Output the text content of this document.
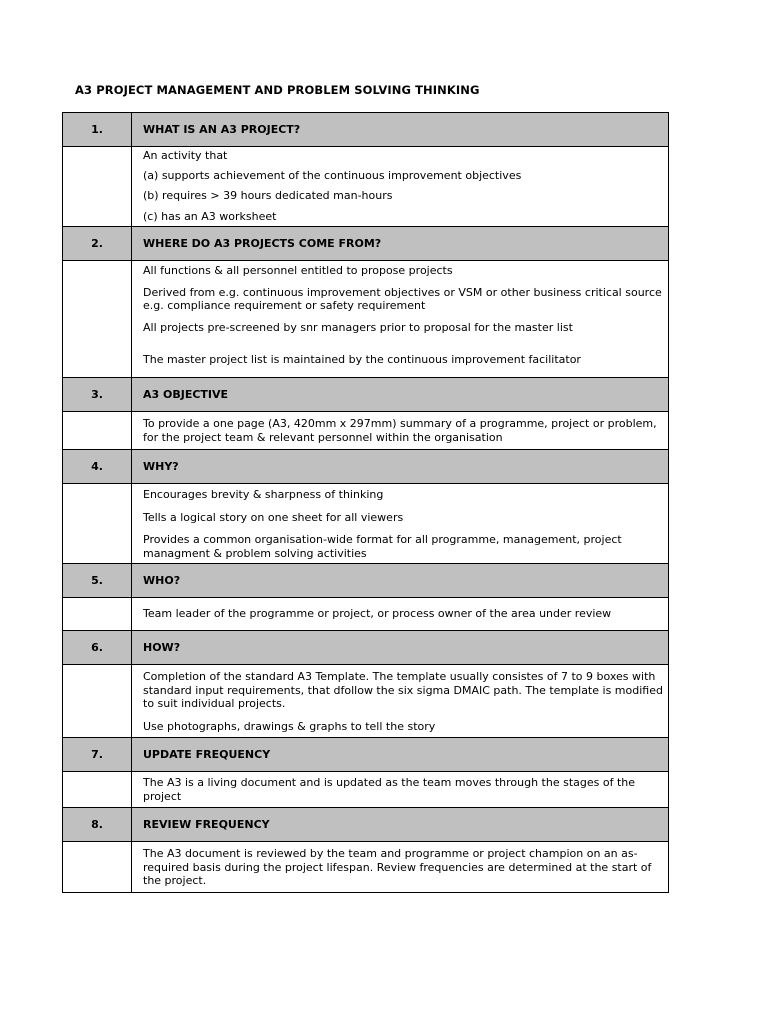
A3 PROJECT MANAGEMENT AND PROBLEM SOLVING THINKING
1.	WHAT IS AN A3 PROJECT?

	An activity that

(a) supports achievement of the continuous improvement objectives

(b) requires > 39 hours dedicated man-hours

(c) has an A3 worksheet

2.	WHERE DO A3 PROJECTS COME FROM?

	All functions & all personnel entitled to propose projects

Derived from e.g. continuous improvement objectives or VSM or other business critical source e.g. compliance requirement or safety requirement

All projects pre-screened by snr managers prior to proposal for the master list

The master project list is maintained by the continuous improvement facilitator

3.	A3 OBJECTIVE

	To provide a one page (A3, 420mm x 297mm) summary of a programme, project or problem, for the project team & relevant personnel within the organisation

4.	WHY?

	Encourages brevity & sharpness of thinking

Tells a logical story on one sheet for all viewers

Provides a common organisation-wide format for all programme, management, project managment & problem solving activities

5.	WHO?

	Team leader of the programme or project, or process owner of the area under review

6.	HOW?

	Completion of the standard A3 Template. The template usually consistes of 7 to 9 boxes with standard input requirements, that dfollow the six sigma DMAIC path. The template is modified to suit individual projects.

Use photographs, drawings & graphs to tell the story

7.	UPDATE FREQUENCY

	The A3 is a living document and is updated as the team moves through the stages of the project

8.	REVIEW FREQUENCY

	The A3 document is reviewed by the team and programme or project champion on an as-required basis during the project lifespan. Review frequencies are determined at the start of the project.
